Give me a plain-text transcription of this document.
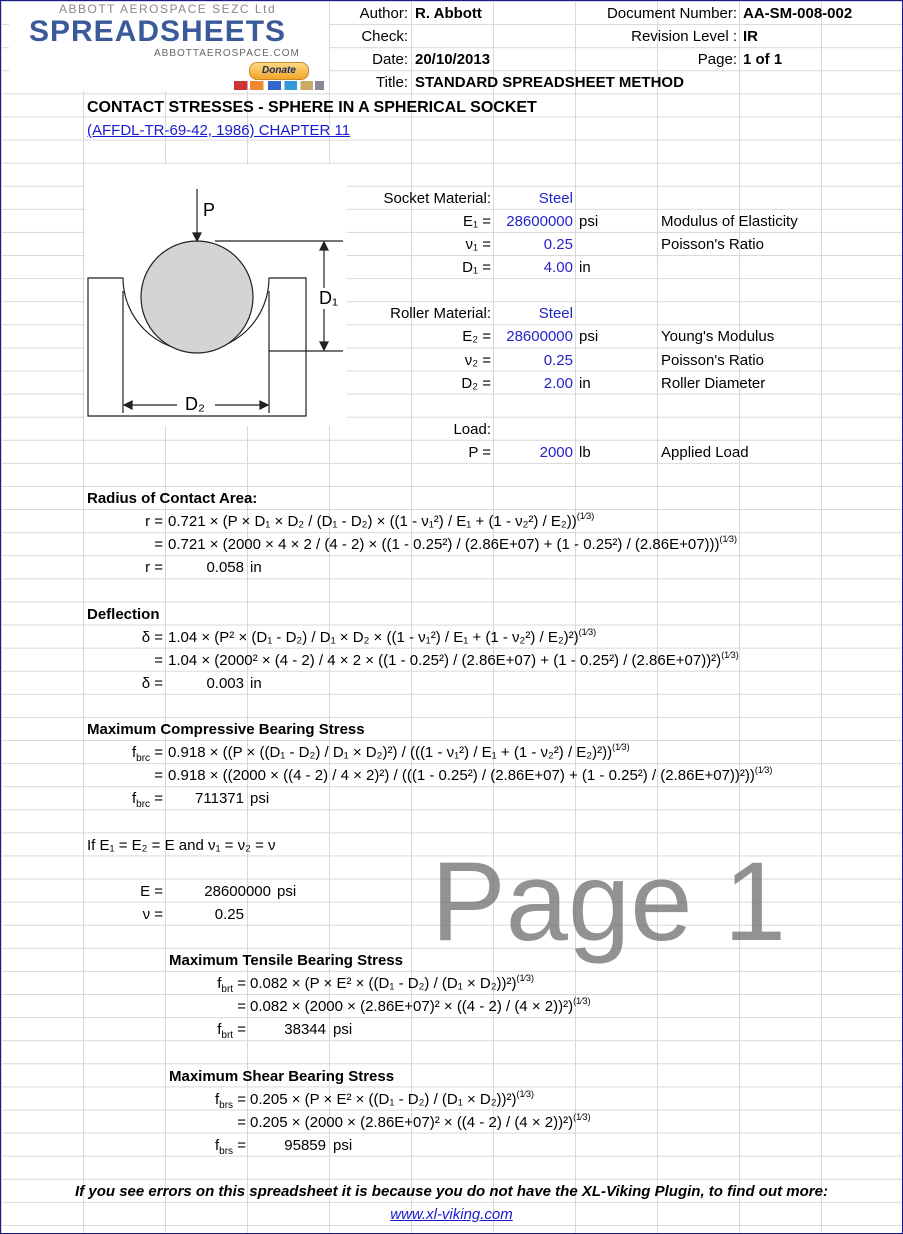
ABBOTT AEROSPACE SEZC Ltd
SPREADSHEETS
ABBOTTAEROSPACE.COM
Donate
Author: R. Abbott
Check:
Date: 20/10/2013
Title: STANDARD SPREADSHEET METHOD
Document Number: AA-SM-008-002
Revision Level : IR
Page: 1 of 1
CONTACT STRESSES - SPHERE IN A SPHERICAL SOCKET
(AFFDL-TR-69-42, 1986) CHAPTER 11
P
D₁
D₂
Socket Material:	Steel
E₁ =	28600000 psi	Modulus of Elasticity
ν₁ =	0.25	Poisson's Ratio
D₁ =	4.00 in
Roller Material:	Steel
E₂ =	28600000 psi	Young's Modulus
ν₂ =	0.25	Poisson's Ratio
D₂ =	2.00 in	Roller Diameter
Load:
P =	2000 lb	Applied Load
Radius of Contact Area:
$r = 0.721 \times (P \times D_1 \times D_2 / (D_1 - D_2) \times ((1 - \nu_1^2) / E_1 + (1 - \nu_2^2) / E_2))^{(1⁄3)}$
= $0.721 \times (2000 \times 4 \times 2 / (4 - 2) \times ((1 - 0.25^2) / (2.86E+07) + (1 - 0.25^2) / (2.86E+07)))^{(1⁄3)}$
r =	0.058 in
Deflection
$\delta = 1.04 \times (P^2 \times (D_1 - D_2) / D_1 \times D_2 \times ((1 - \nu_1^2) / E_1 + (1 - \nu_2^2) / E_2)^2)^{(1⁄3)}$
= $1.04 \times (2000^2 \times (4 - 2) / 4 \times 2 \times ((1 - 0.25^2) / (2.86E+07) + (1 - 0.25^2) / (2.86E+07))^2)^{(1⁄3)}$
δ =	0.003 in
Maximum Compressive Bearing Stress
$f_{brc} = 0.918 \times ((P \times ((D_1 - D_2) / D_1 \times D_2)^2) / (((1 - \nu_1^2) / E_1 + (1 - \nu_2^2) / E_2)^2))^{(1⁄3)}$
= $0.918 \times ((2000 \times ((4 - 2) / 4 \times 2)^2) / (((1 - 0.25^2) / (2.86E+07) + (1 - 0.25^2) / (2.86E+07))^2))^{(1⁄3)}$
$f_{brc}$ =	711371 psi
If E₁ = E₂ = E and ν₁ = ν₂ = ν
E =	28600000 psi
ν =	0.25
Maximum Tensile Bearing Stress
$f_{brt} = 0.082 \times (P \times E^2 \times ((D_1 - D_2) / (D_1 \times D_2))^2)^{(1⁄3)}$
= $0.082 \times (2000 \times (2.86E+07)^2 \times ((4 - 2) / (4 \times 2))^2)^{(1⁄3)}$
$f_{brt}$ =	38344 psi
Maximum Shear Bearing Stress
$f_{brs} = 0.205 \times (P \times E^2 \times ((D_1 - D_2) / (D_1 \times D_2))^2)^{(1⁄3)}$
= $0.205 \times (2000 \times (2.86E+07)^2 \times ((4 - 2) / (4 \times 2))^2)^{(1⁄3)}$
$f_{brs}$ =	95859 psi
If you see errors on this spreadsheet it is because you do not have the XL-Viking Plugin, to find out more:
www.xl-viking.com
Page 1
